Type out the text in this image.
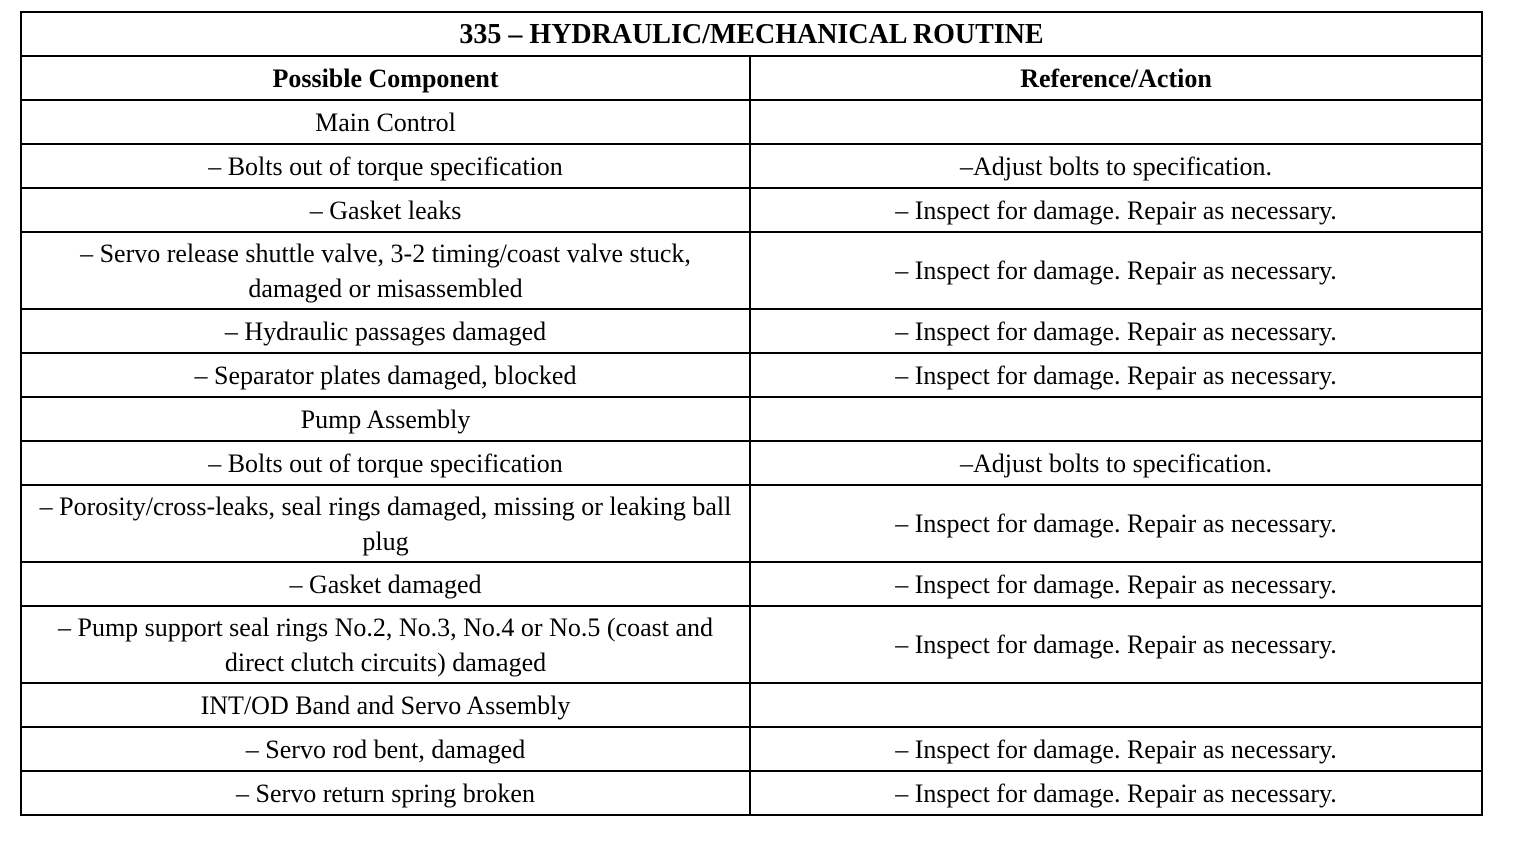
335 – HYDRAULIC/MECHANICAL ROUTINE	
Possible Component	Reference/Action
Main Control	
– Bolts out of torque specification	–Adjust bolts to specification.
– Gasket leaks	– Inspect for damage. Repair as necessary.
– Servo release shuttle valve, 3-2 timing/coast valve stuck, damaged or misassembled	– Inspect for damage. Repair as necessary.
– Hydraulic passages damaged	– Inspect for damage. Repair as necessary.
– Separator plates damaged, blocked	– Inspect for damage. Repair as necessary.
Pump Assembly	
– Bolts out of torque specification	–Adjust bolts to specification.
– Porosity/cross-leaks, seal rings damaged, missing or leaking ball plug	– Inspect for damage. Repair as necessary.
– Gasket damaged	– Inspect for damage. Repair as necessary.
– Pump support seal rings No.2, No.3, No.4 or No.5 (coast and direct clutch circuits) damaged	– Inspect for damage. Repair as necessary.
INT/OD Band and Servo Assembly	
– Servo rod bent, damaged	– Inspect for damage. Repair as necessary.
– Servo return spring broken	– Inspect for damage. Repair as necessary.
